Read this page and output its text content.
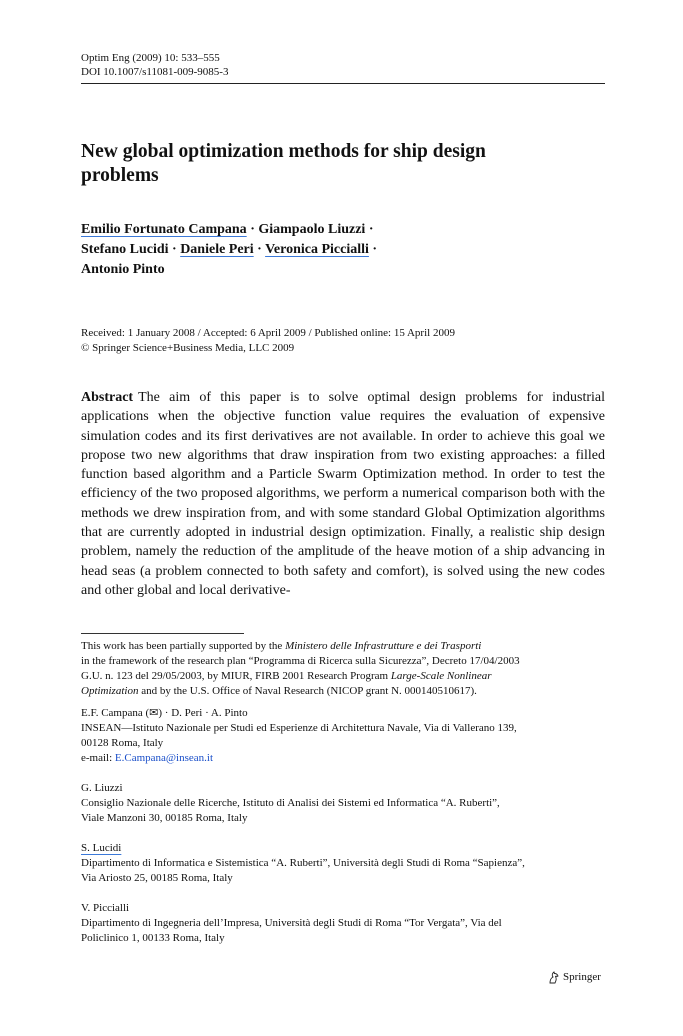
Optim Eng (2009) 10: 533–555
DOI 10.1007/s11081-009-9085-3
New global optimization methods for ship design
problems
Emilio Fortunato Campana · Giampaolo Liuzzi ·
Stefano Lucidi · Daniele Peri · Veronica Piccialli ·
Antonio Pinto
Received: 1 January 2008 / Accepted: 6 April 2009 / Published online: 15 April 2009
© Springer Science+Business Media, LLC 2009
Abstract The aim of this paper is to solve optimal design problems for industrial applications when the objective function value requires the evaluation of expensive simulation codes and its first derivatives are not available. In order to achieve this goal we propose two new algorithms that draw inspiration from two existing approaches: a filled function based algorithm and a Particle Swarm Optimization method. In order to test the efficiency of the two proposed algorithms, we perform a numerical comparison both with the methods we drew inspiration from, and with some standard Global Optimization algorithms that are currently adopted in industrial design optimization. Finally, a realistic ship design problem, namely the reduction of the amplitude of the heave motion of a ship advancing in head seas (a problem connected to both safety and comfort), is solved using the new codes and other global and local derivative-
This work has been partially supported by the Ministero delle Infrastrutture e dei Trasporti
in the framework of the research plan “Programma di Ricerca sulla Sicurezza”, Decreto 17/04/2003
G.U. n. 123 del 29/05/2003, by MIUR, FIRB 2001 Research Program Large-Scale Nonlinear
Optimization and by the U.S. Office of Naval Research (NICOP grant N. 000140510617).
E.F. Campana (✉) · D. Peri · A. Pinto
INSEAN—Istituto Nazionale per Studi ed Esperienze di Architettura Navale, Via di Vallerano 139,
00128 Roma, Italy
e-mail: E.Campana@insean.it
G. Liuzzi
Consiglio Nazionale delle Ricerche, Istituto di Analisi dei Sistemi ed Informatica “A. Ruberti”,
Viale Manzoni 30, 00185 Roma, Italy
S. Lucidi
Dipartimento di Informatica e Sistemistica “A. Ruberti”, Università degli Studi di Roma “Sapienza”,
Via Ariosto 25, 00185 Roma, Italy
V. Piccialli
Dipartimento di Ingegneria dell’Impresa, Università degli Studi di Roma “Tor Vergata”, Via del
Policlinico 1, 00133 Roma, Italy
Springer
